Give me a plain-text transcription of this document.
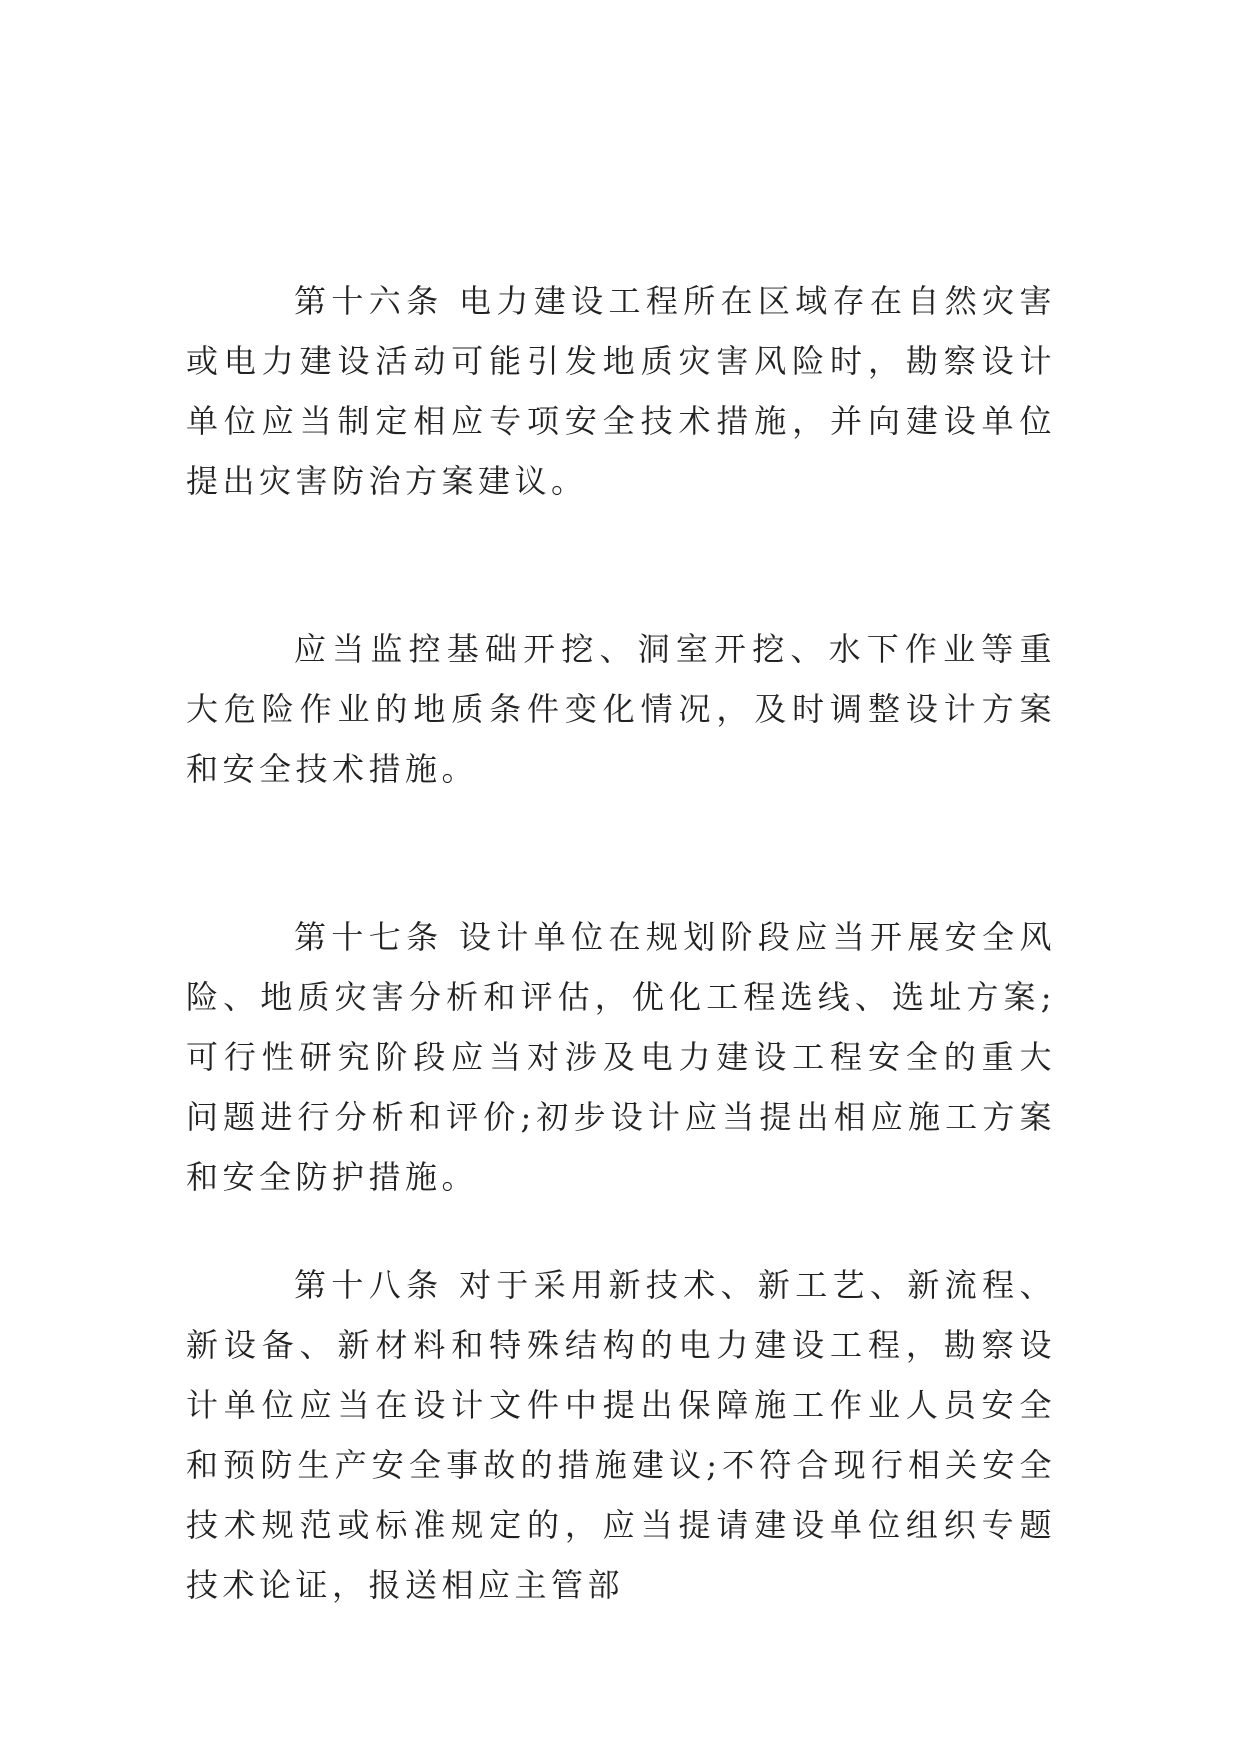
第十六条 电力建设工程所在区域存在自然灾害或电力建设活动可能引发地质灾害风险时，勘察设计单位应当制定相应专项安全技术措施，并向建设单位提出灾害防治方案建议。

应当监控基础开挖、洞室开挖、水下作业等重大危险作业的地质条件变化情况，及时调整设计方案和安全技术措施。

第十七条 设计单位在规划阶段应当开展安全风险、地质灾害分析和评估，优化工程选线、选址方案;可行性研究阶段应当对涉及电力建设工程安全的重大问题进行分析和评价;初步设计应当提出相应施工方案和安全防护措施。

第十八条 对于采用新技术、新工艺、新流程、新设备、新材料和特殊结构的电力建设工程，勘察设计单位应当在设计文件中提出保障施工作业人员安全和预防生产安全事故的措施建议;不符合现行相关安全技术规范或标准规定的，应当提请建设单位组织专题技术论证，报送相应主管部
